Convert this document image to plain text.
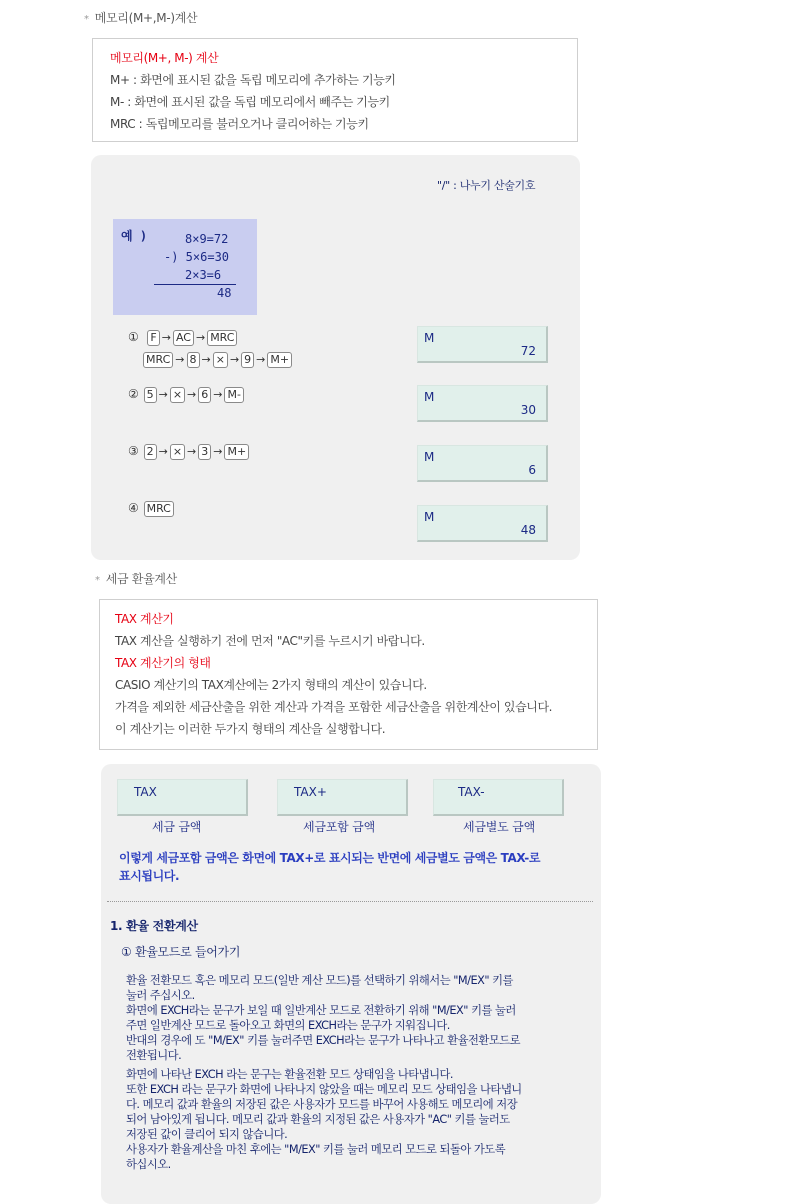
* 메모리(M+,M-)계산

메모리(M+, M-) 계산

M+ : 화면에 표시된 값을 독립 메모리에 추가하는 기능키

M- : 화면에 표시된 값을 독립 메모리에서 빼주는 기능키

MRC : 독립메모리를 불러오거나 클리어하는 기능키

"/" : 나누기 산술기호
예 )	8×9=72
-) 5×6=30
2×3=6
48
① F → AC → MRC
MRC → 8 → × → 9 → M+
M
72
② 5 → × → 6 → M-	M
30
③ 2 → × → 3 → M+	M
6
④ MRC
M
48
* 세금 환율계산

TAX 계산기

TAX 계산을 실행하기 전에 먼저 "AC"키를 누르시기 바랍니다.

TAX 계산기의 형태

CASIO 계산기의 TAX계산에는 2가지 형태의 계산이 있습니다.

가격을 제외한 세금산출을 위한 계산과 가격을 포함한 세금산출을 위한계산이 있습니다.

이 계산기는 이러한 두가지 형태의 계산을 실행합니다.

TAX
세금 금액
TAX+
세금포함 금액
TAX-
세금별도 금액
이렇게 세금포함 금액은 화면에 TAX+로 표시되는 반면에 세금별도 금액은 TAX-로
표시됩니다.
1. 환율 전환계산
① 환율모드로 들어가기
환율 전환모드 혹은 메모리 모드(일반 계산 모드)를 선택하기 위해서는 "M/EX" 키를
눌러 주십시오.
화면에 EXCH라는 문구가 보일 때 일반계산 모드로 전환하기 위해 "M/EX" 키를 눌러
주면 일반계산 모드로 돌아오고 화면의 EXCH라는 문구가 지워집니다.
반대의 경우에 도 "M/EX" 키를 눌러주면 EXCH라는 문구가 나타나고 환율전환모드로
전환됩니다.
화면에 나타난 EXCH 라는 문구는 환율전환 모드 상태임을 나타냅니다.
또한 EXCH 라는 문구가 화면에 나타나지 않았을 때는 메모리 모드 상태임을 나타냅니
다. 메모리 값과 환율의 저장된 값은 사용자가 모드를 바꾸어 사용해도 메모리에 저장
되어 남아있게 됩니다. 메모리 값과 환율의 지정된 값은 사용자가 "AC" 키를 눌러도
저장된 값이 클리어 되지 않습니다.
사용자가 환율계산을 마친 후에는 "M/EX" 키를 눌러 메모리 모드로 되돌아 가도록
하십시오.
